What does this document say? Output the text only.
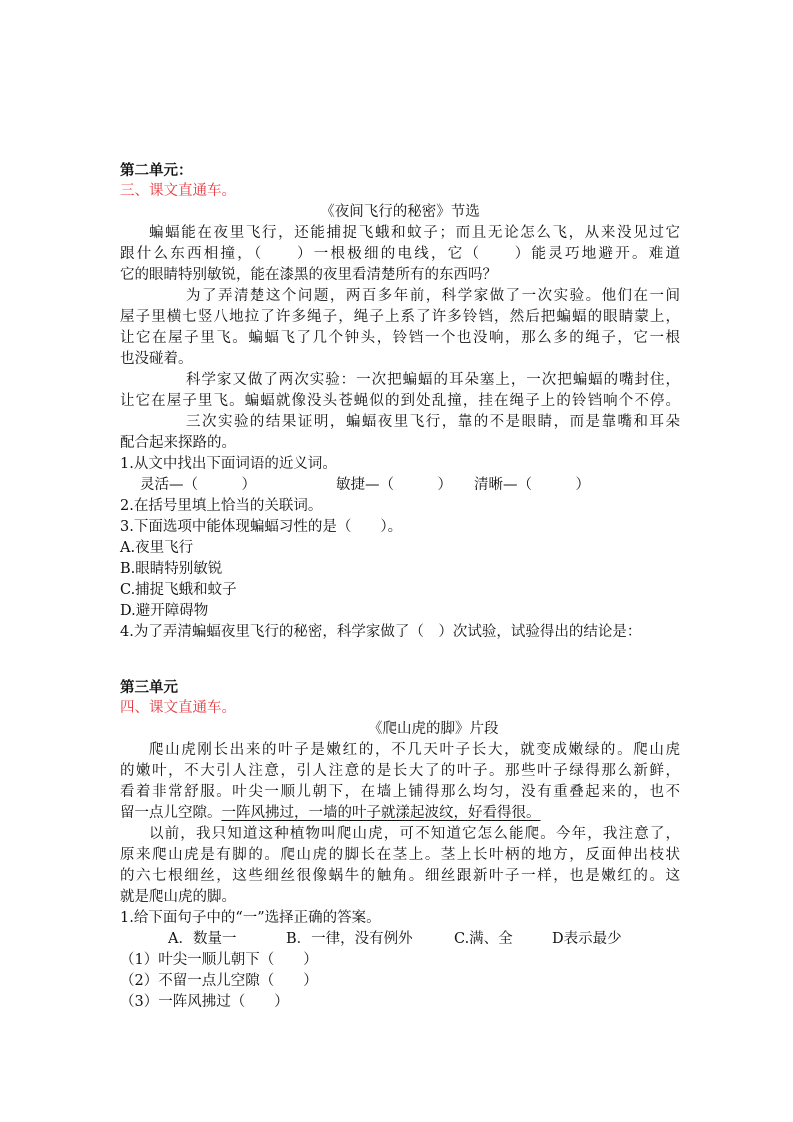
第二单元：
三、课文直通车。
《夜间飞行的秘密》节选
蝙蝠能在夜里飞行，还能捕捉飞蛾和蚊子；而且无论怎么飞，从来没见过它
跟什么东西相撞，（　　）一根极细的电线，它（　　）能灵巧地避开。难道
它的眼睛特别敏锐，能在漆黑的夜里看清楚所有的东西吗？
为了弄清楚这个问题，两百多年前，科学家做了一次实验。他们在一间
屋子里横七竖八地拉了许多绳子，绳子上系了许多铃铛，然后把蝙蝠的眼睛蒙上，
让它在屋子里飞。蝙蝠飞了几个钟头，铃铛一个也没响，那么多的绳子，它一根
也没碰着。
科学家又做了两次实验：一次把蝙蝠的耳朵塞上，一次把蝙蝠的嘴封住，
让它在屋子里飞。蝙蝠就像没头苍蝇似的到处乱撞，挂在绳子上的铃铛响个不停。
三次实验的结果证明，蝙蝠夜里飞行，靠的不是眼睛，而是靠嘴和耳朵
配合起来探路的。
1.从文中找出下面词语的近义词。
灵活—（　　　）	敏捷—（　　　） 清晰—（　　　）
2.在括号里填上恰当的关联词。
3.下面选项中能体现蝙蝠习性的是（　　）。
A.夜里飞行
B.眼睛特别敏锐
C.捕捉飞蛾和蚊子
D.避开障碍物
4.为了弄清蝙蝠夜里飞行的秘密，科学家做了（　）次试验，试验得出的结论是：
第三单元
四、课文直通车。
《爬山虎的脚》片段
爬山虎刚长出来的叶子是嫩红的，不几天叶子长大，就变成嫩绿的。爬山虎
的嫩叶，不大引人注意，引人注意的是长大了的叶子。那些叶子绿得那么新鲜，
看着非常舒服。叶尖一顺儿朝下，在墙上铺得那么均匀，没有重叠起来的，也不
留一点儿空隙。一阵风拂过，一墙的叶子就漾起波纹，好看得很。
以前，我只知道这种植物叫爬山虎，可不知道它怎么能爬。今年，我注意了，
原来爬山虎是有脚的。爬山虎的脚长在茎上。茎上长叶柄的地方，反面伸出枝状
的六七根细丝，这些细丝很像蜗牛的触角。细丝跟新叶子一样，也是嫩红的。这
就是爬山虎的脚。
1.给下面句子中的“一”选择正确的答案。
A．数量一	B．一律，没有例外	C.满、全	D表示最少
（1）叶尖一顺儿朝下（　　）
（2）不留一点儿空隙（　　）
（3）一阵风拂过（　　）
